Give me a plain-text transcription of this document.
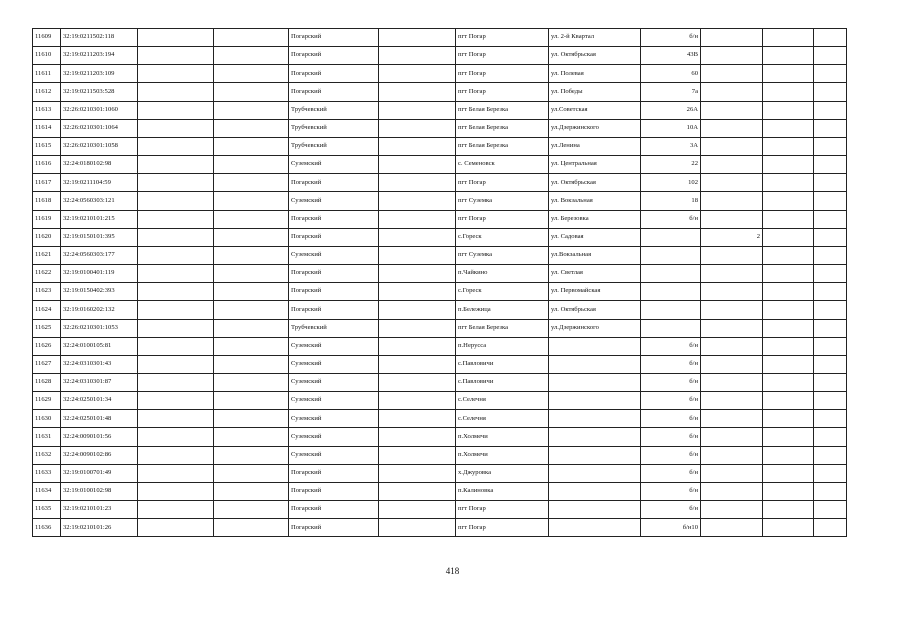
11609	32:19:0211502:118			Погарский		пгт Погар	ул. 2-й Квартал	б/н			
11610	32:19:0211203:194			Погарский		пгт Погар	ул. Октябрьская	43В			
11611	32:19:0211203:109			Погарский		пгт Погар	ул. Полевая	60			
11612	32:19:0211503:528			Погарский		пгт Погар	ул. Победы	7а			
11613	32:26:0210301:1060			Трубчевский		пгт Белая Березка	ул.Советская	26А			
11614	32:26:0210301:1064			Трубчевский		пгт Белая Березка	ул.Дзержинского	10А			
11615	32:26:0210301:1058			Трубчевский		пгт Белая Березка	ул.Ленина	3А			
11616	32:24:0180102:98			Суземский		с. Семеновск	ул. Центральная	22			
11617	32:19:0211104:59			Погарский		пгт Погар	ул. Октябрьская	102			
11618	32:24:0560303:121			Суземский		пгт Суземка	ул. Вокзальная	18			
11619	32:19:0210101:215			Погарский		пгт Погар	ул. Березовка	б/н			
11620	32:19:0150101:395			Погарский		с.Гореск	ул. Садовая		2		
11621	32:24:0560303:177			Суземский		пгт Суземка	ул.Вокзальная				
11622	32:19:0100401:119			Погарский		п.Чайкино	ул. Светлая				
11623	32:19:0150402:393			Погарский		с.Гореск	ул. Первомайская				
11624	32:19:0160202:132			Погарский		п.Бележица	ул. Октябрьская				
11625	32:26:0210301:1053			Трубчевский		пгт Белая Березка	ул.Дзержинского				
11626	32:24:0100105:81			Суземский		п.Нерусса		б/н			
11627	32:24:0310301:43			Суземский		с.Павловичи		б/н			
11628	32:24:0310301:87			Суземский		с.Павловичи		б/н			
11629	32:24:0250101:34			Суземский		с.Селечня		б/н			
11630	32:24:0250101:48			Суземский		с.Селечня		б/н			
11631	32:24:0090101:56			Суземский		п.Холмечи		б/н			
11632	32:24:0090102:86			Суземский		п.Холмечи		б/н			
11633	32:19:0100701:49			Погарский		х.Джуровка		б/н			
11634	32:19:0100102:98			Погарский		п.Калиновка		б/н			
11635	32:19:0210101:23			Погарский		пгт Погар		б/н			
11636	32:19:0210101:26			Погарский		пгт Погар		б/н10			
418
